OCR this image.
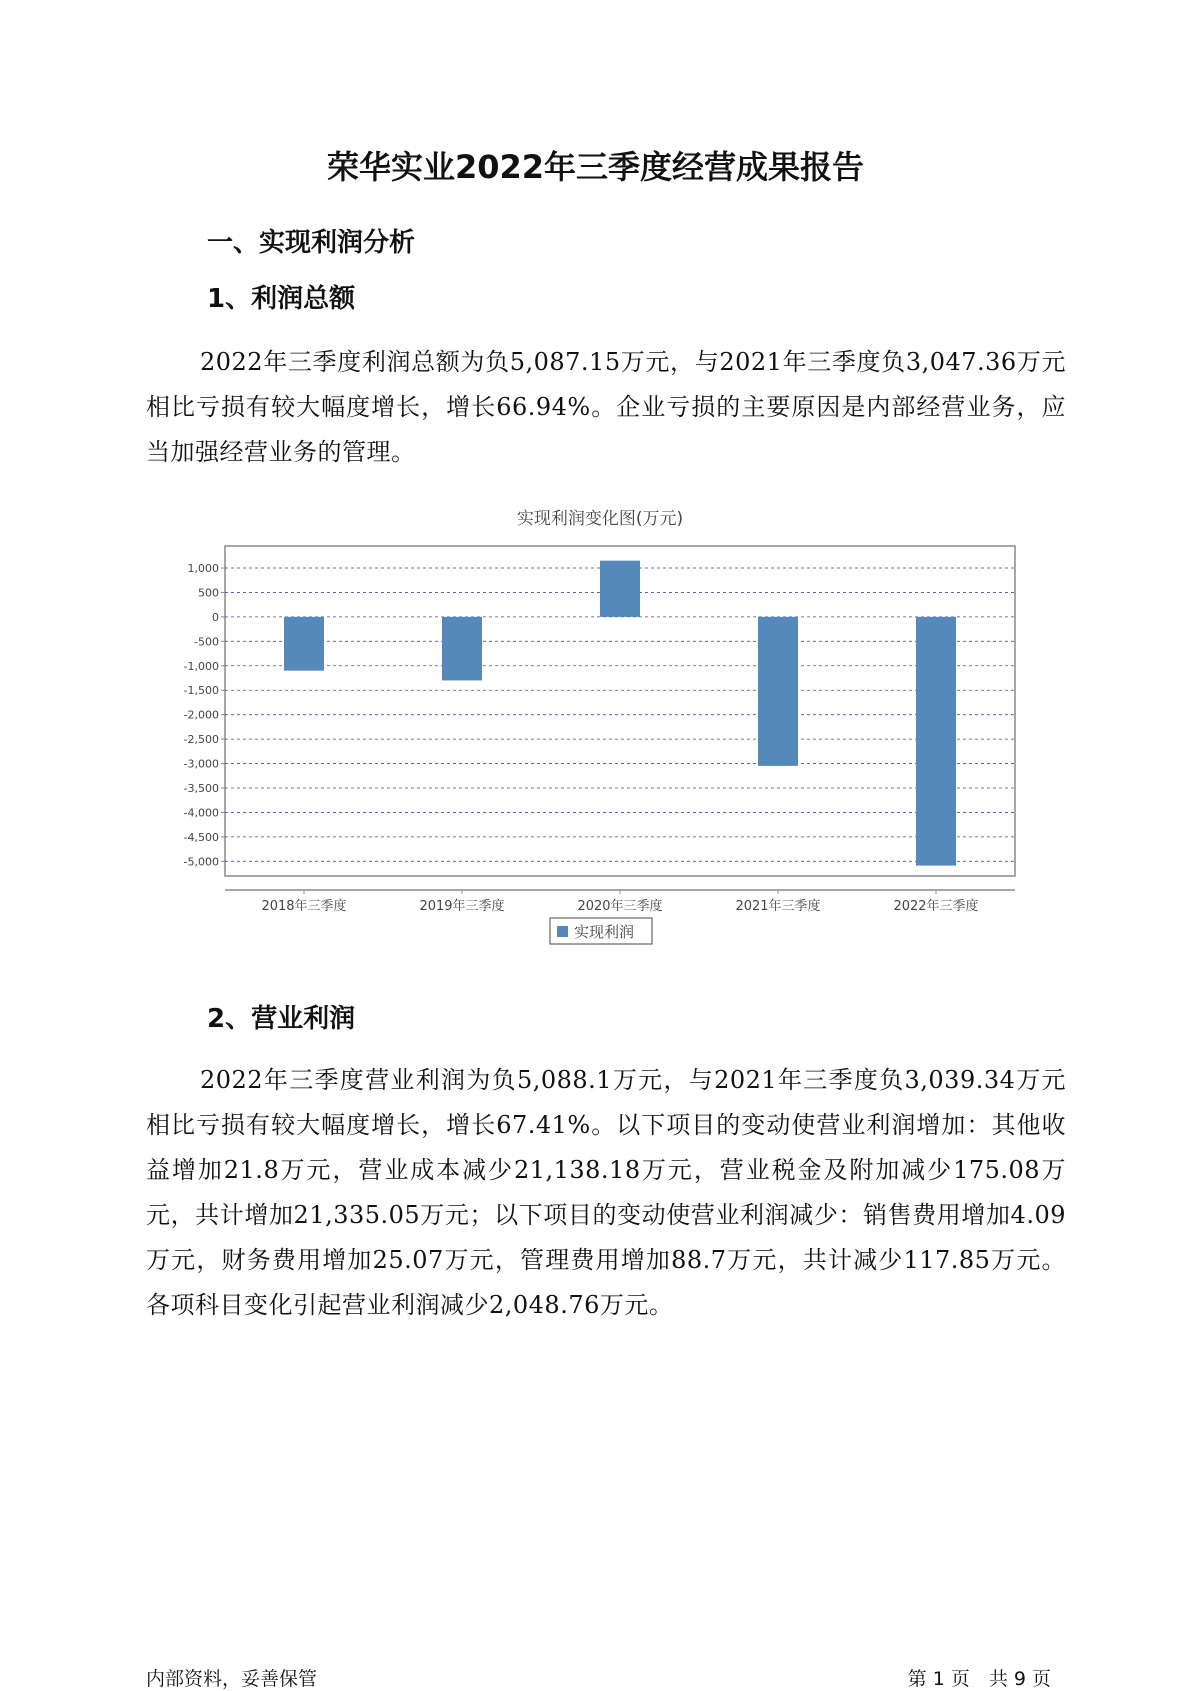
荣华实业2022年三季度经营成果报告
一、实现利润分析
1、利润总额
2022年三季度利润总额为负5,087.15万元，与2021年三季度负3,047.36万元相比亏损有较大幅度增长，增长66.94%。企业亏损的主要原因是内部经营业务，应当加强经营业务的管理。
实现利润变化图(万元)
1,000
500
0
-500
-1,000
-1,500
-2,000
-2,500
-3,000
-3,500
-4,000
-4,500
-5,000
2018年三季度	2019年三季度	2020年三季度	2021年三季度	2022年三季度
实现利润
2、营业利润
2022年三季度营业利润为负5,088.1万元，与2021年三季度负3,039.34万元相比亏损有较大幅度增长，增长67.41%。以下项目的变动使营业利润增加：其他收益增加21.8万元，营业成本减少21,138.18万元，营业税金及附加减少175.08万元，共计增加21,335.05万元；以下项目的变动使营业利润减少：销售费用增加4.09万元，财务费用增加25.07万元，管理费用增加88.7万元，共计减少117.85万元。各项科目变化引起营业利润减少2,048.76万元。
内部资料，妥善保管	第 1 页　共 9 页
